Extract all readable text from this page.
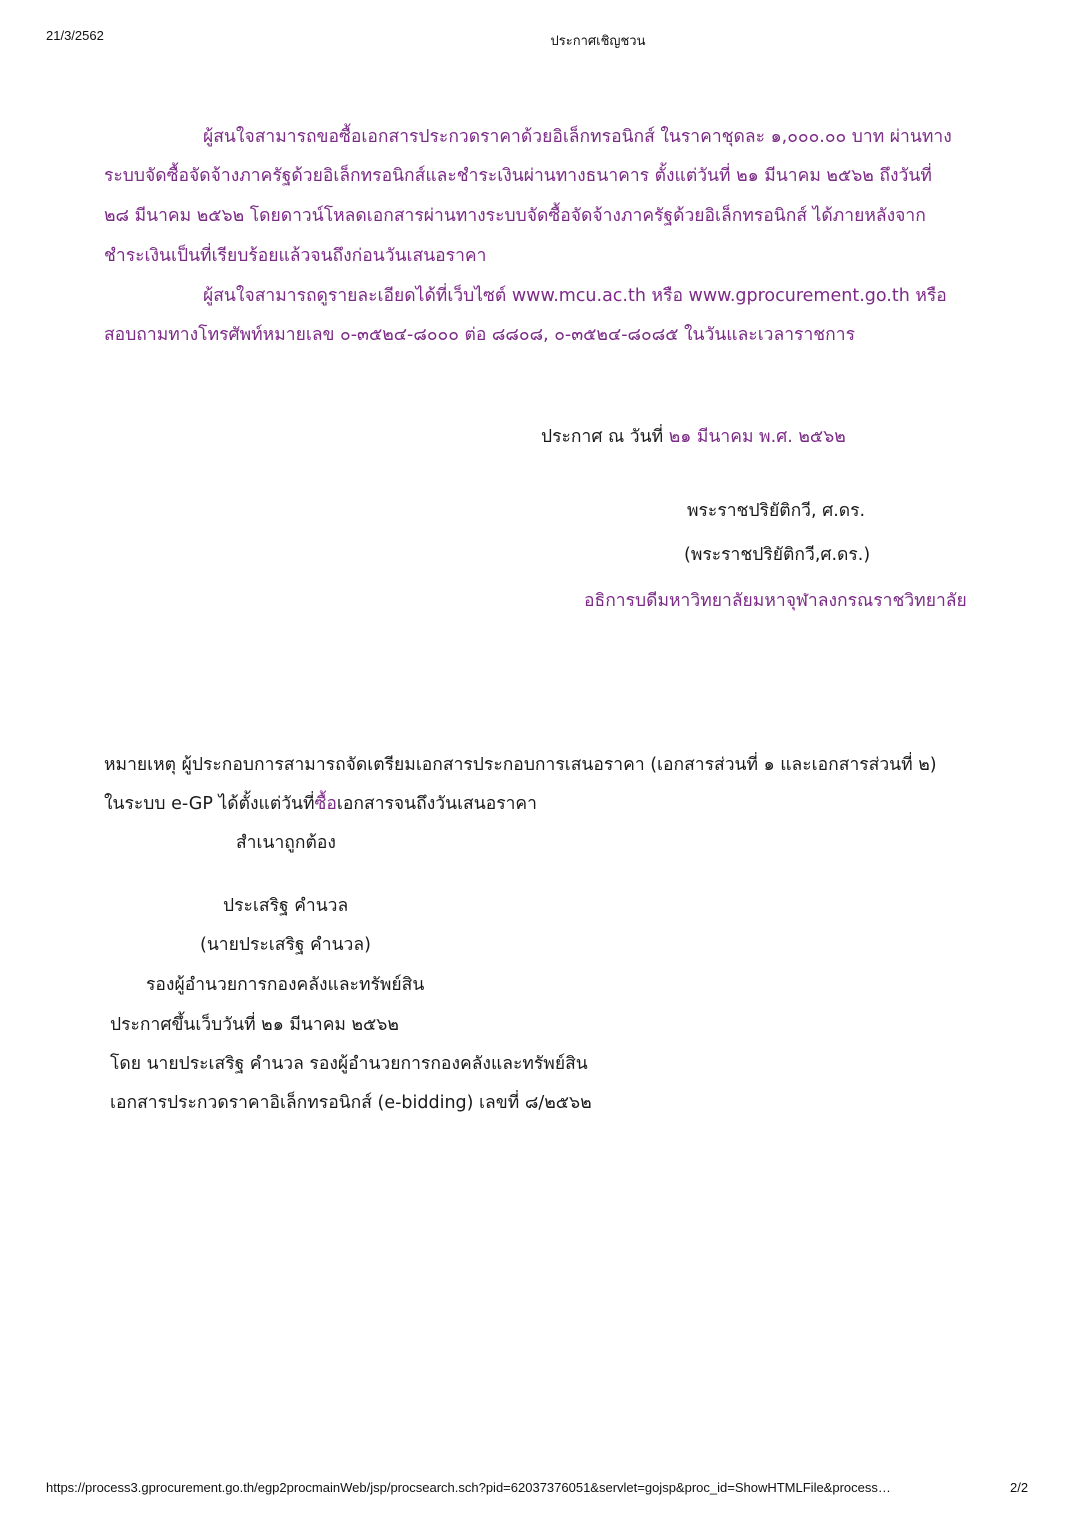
21/3/2562	ประกาศเชิญชวน
ผู้สนใจสามารถขอซื้อเอกสารประกวดราคาด้วยอิเล็กทรอนิกส์ ในราคาชุดละ ๑,๐๐๐.๐๐ บาท ผ่านทาง
ระบบจัดซื้อจัดจ้างภาครัฐด้วยอิเล็กทรอนิกส์และชำระเงินผ่านทางธนาคาร ตั้งแต่วันที่ ๒๑ มีนาคม ๒๕๖๒ ถึงวันที่
๒๘ มีนาคม ๒๕๖๒ โดยดาวน์โหลดเอกสารผ่านทางระบบจัดซื้อจัดจ้างภาครัฐด้วยอิเล็กทรอนิกส์ ได้ภายหลังจาก
ชำระเงินเป็นที่เรียบร้อยแล้วจนถึงก่อนวันเสนอราคา
ผู้สนใจสามารถดูรายละเอียดได้ที่เว็บไซต์ www.mcu.ac.th หรือ www.gprocurement.go.th หรือ
สอบถามทางโทรศัพท์หมายเลข ๐-๓๕๒๔-๘๐๐๐ ต่อ ๘๘๐๘, ๐-๓๕๒๔-๘๐๘๕ ในวันและเวลาราชการ
ประกาศ ณ วันที่ ๒๑ มีนาคม พ.ศ. ๒๕๖๒
พระราชปริยัติกวี, ศ.ดร.
(พระราชปริยัติกวี,ศ.ดร.)
อธิการบดีมหาวิทยาลัยมหาจุฬาลงกรณราชวิทยาลัย
หมายเหตุ ผู้ประกอบการสามารถจัดเตรียมเอกสารประกอบการเสนอราคา (เอกสารส่วนที่ ๑ และเอกสารส่วนที่ ๒)
ในระบบ e-GP ได้ตั้งแต่วันที่ซื้อเอกสารจนถึงวันเสนอราคา
สำเนาถูกต้อง
ประเสริฐ คำนวล
(นายประเสริฐ คำนวล)
รองผู้อำนวยการกองคลังและทรัพย์สิน
ประกาศขึ้นเว็บวันที่ ๒๑ มีนาคม ๒๕๖๒
โดย นายประเสริฐ คำนวล รองผู้อำนวยการกองคลังและทรัพย์สิน
เอกสารประกวดราคาอิเล็กทรอนิกส์ (e-bidding) เลขที่ ๘/๒๕๖๒
https://process3.gprocurement.go.th/egp2procmainWeb/jsp/procsearch.sch?pid=62037376051&servlet=gojsp&proc_id=ShowHTMLFile&process…	2/2
